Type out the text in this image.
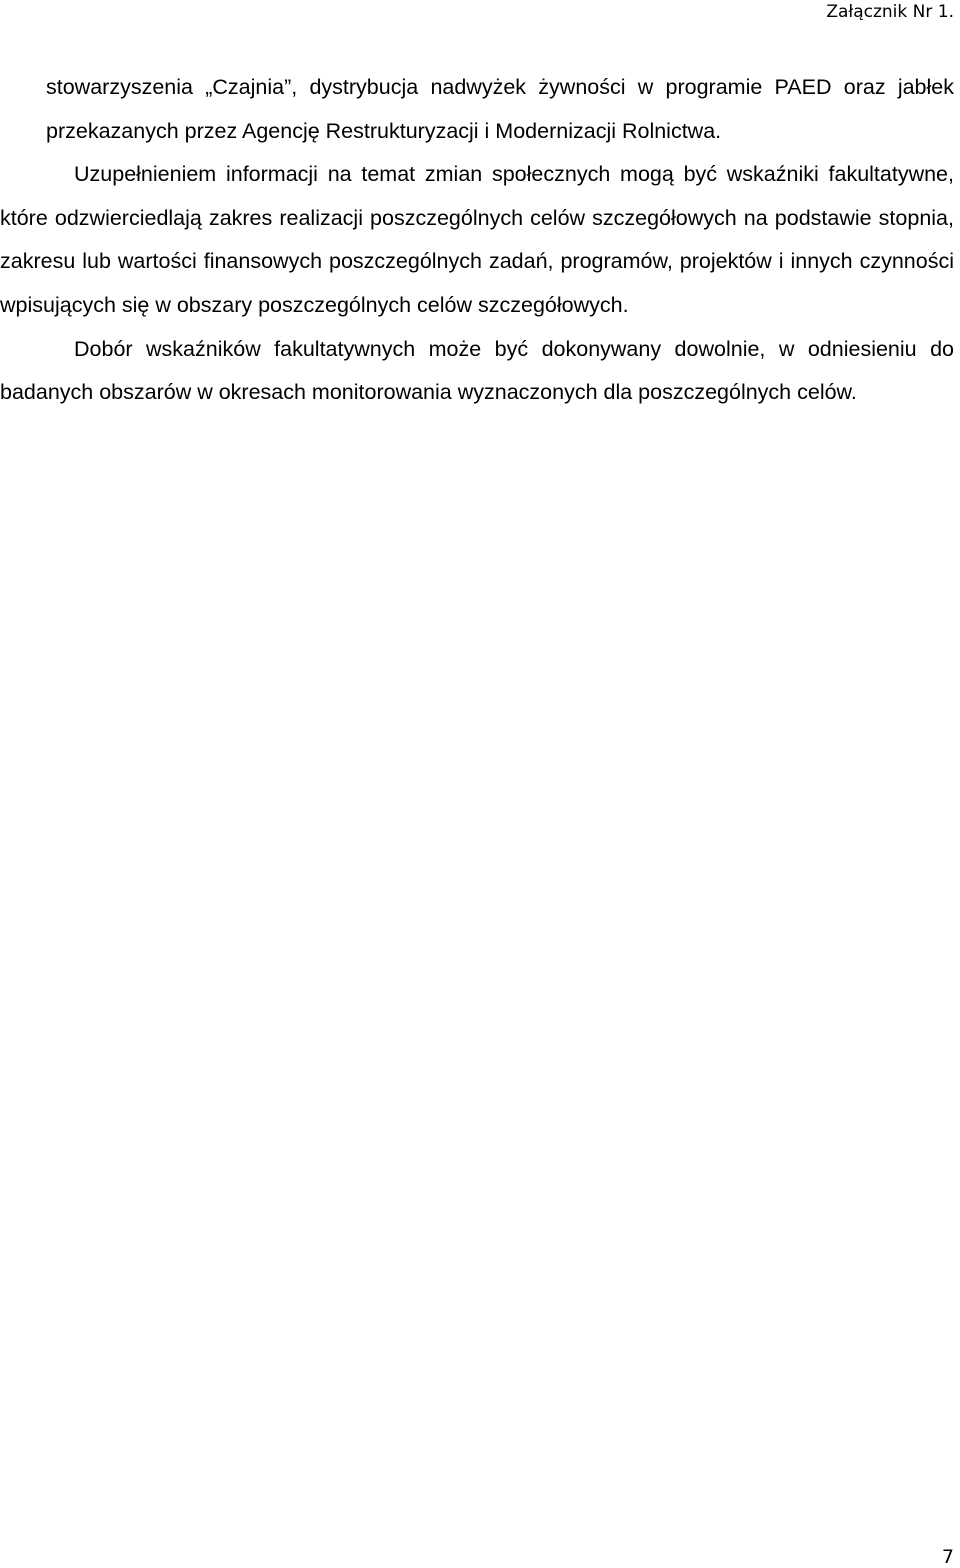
Załącznik Nr 1.

stowarzyszenia „Czajnia”, dystrybucja nadwyżek żywności w programie PAED oraz jabłek przekazanych przez Agencję Restrukturyzacji i Modernizacji Rolnictwa.

Uzupełnieniem informacji na temat zmian społecznych mogą być wskaźniki fakultatywne, które odzwierciedlają zakres realizacji poszczególnych celów szczegółowych na podstawie stopnia, zakresu lub wartości finansowych poszczególnych zadań, programów, projektów i innych czynności wpisujących się w obszary poszczególnych celów szczegółowych.

Dobór wskaźników fakultatywnych może być dokonywany dowolnie, w odniesieniu do badanych obszarów w okresach monitorowania wyznaczonych dla poszczególnych celów.

7
